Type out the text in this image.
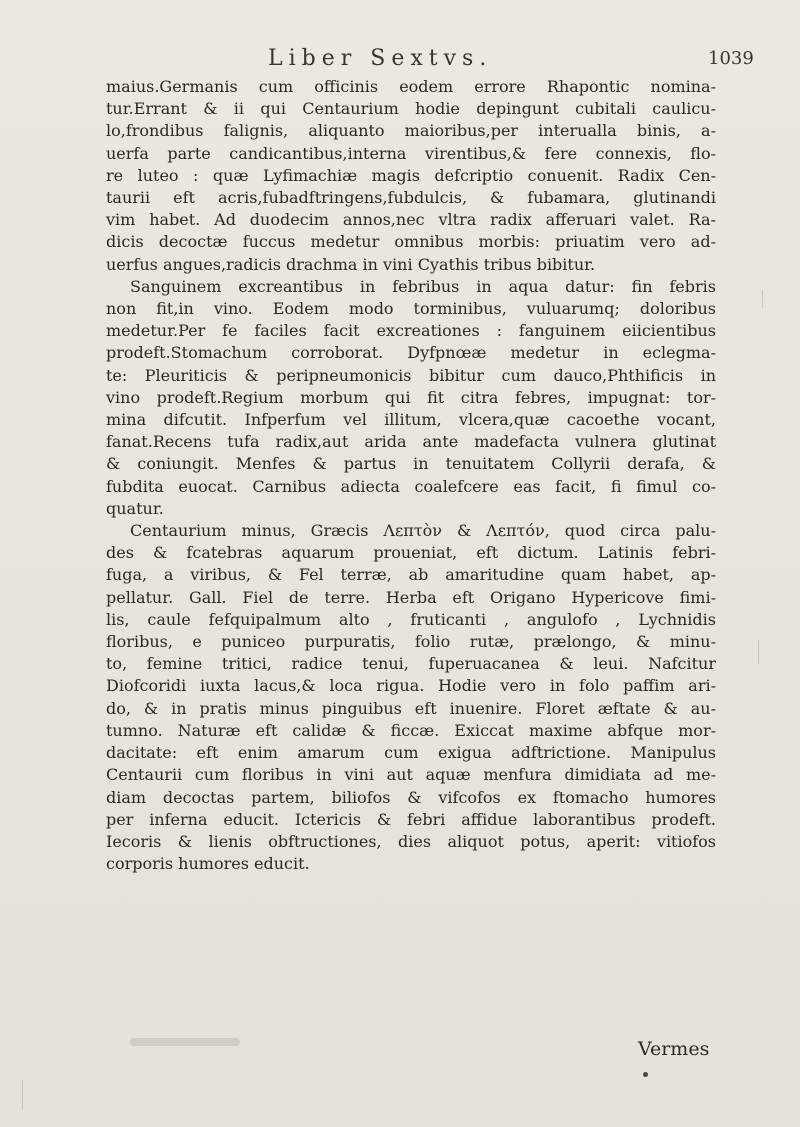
Liber Sextvs.	1039
maius.Germanis cum officinis eodem errore Rhapontic nomina-
tur.Errant & ii qui Centaurium hodie depingunt cubitali caulicu-
lo,frondibus falignis, aliquanto maioribus,per interualla binis, a-
uerfa parte candicantibus,interna virentibus,& fere connexis, flo-
re luteo : quæ Lyfimachiæ magis defcriptio conuenit. Radix Cen-
taurii eft acris,fubadftringens,fubdulcis, & fubamara, glutinandi
vim habet. Ad duodecim annos,nec vltra radix afferuari valet. Ra-
dicis decoctæ fuccus medetur omnibus morbis: priuatim vero ad-
uerfus angues,radicis drachma in vini Cyathis tribus bibitur.
Sanguinem excreantibus in febribus in aqua datur: fin febris
non fit,in vino. Eodem modo torminibus, vuluarumq; doloribus
medetur.Per fe faciles facit excreationes : fanguinem eiicientibus
prodeft.Stomachum corroborat. Dyfpnœæ medetur in eclegma-
te: Pleuriticis & peripneumonicis bibitur cum dauco,Phthificis in
vino prodeft.Regium morbum qui fit citra febres, impugnat: tor-
mina difcutit. Infperfum vel illitum, vlcera,quæ cacoethe vocant,
fanat.Recens tufa radix,aut arida ante madefacta vulnera glutinat
& coniungit. Menfes & partus in tenuitatem Collyrii derafa, &
fubdita euocat. Carnibus adiecta coalefcere eas facit, fi fimul co-
quatur.
Centaurium minus, Græcis Λεπτὸν & Λεπτόν, quod circa palu-
des & fcatebras aquarum proueniat, eft dictum. Latinis febri-
fuga, a viribus, & Fel terræ, ab amaritudine quam habet, ap-
pellatur. Gall. Fiel de terre. Herba eft Origano Hypericove fimi-
lis, caule fefquipalmum alto , fruticanti , angulofo , Lychnidis
floribus, e puniceo purpuratis, folio rutæ, prælongo, & minu-
to, femine tritici, radice tenui, fuperuacanea & leui. Nafcitur
Diofcoridi iuxta lacus,& loca rigua. Hodie vero in folo paffim ari-
do, & in pratis minus pinguibus eft inuenire. Floret æftate & au-
tumno. Naturæ eft calidæ & ficcæ. Exiccat maxime abfque mor-
dacitate: eft enim amarum cum exigua adftrictione. Manipulus
Centaurii cum floribus in vini aut aquæ menfura dimidiata ad me-
diam decoctas partem, biliofos & vifcofos ex ftomacho humores
per inferna educit. Ictericis & febri affidue laborantibus prodeft.
Iecoris & lienis obftructiones, dies aliquot potus, aperit: vitiofos
corporis humores educit.
Vermes
